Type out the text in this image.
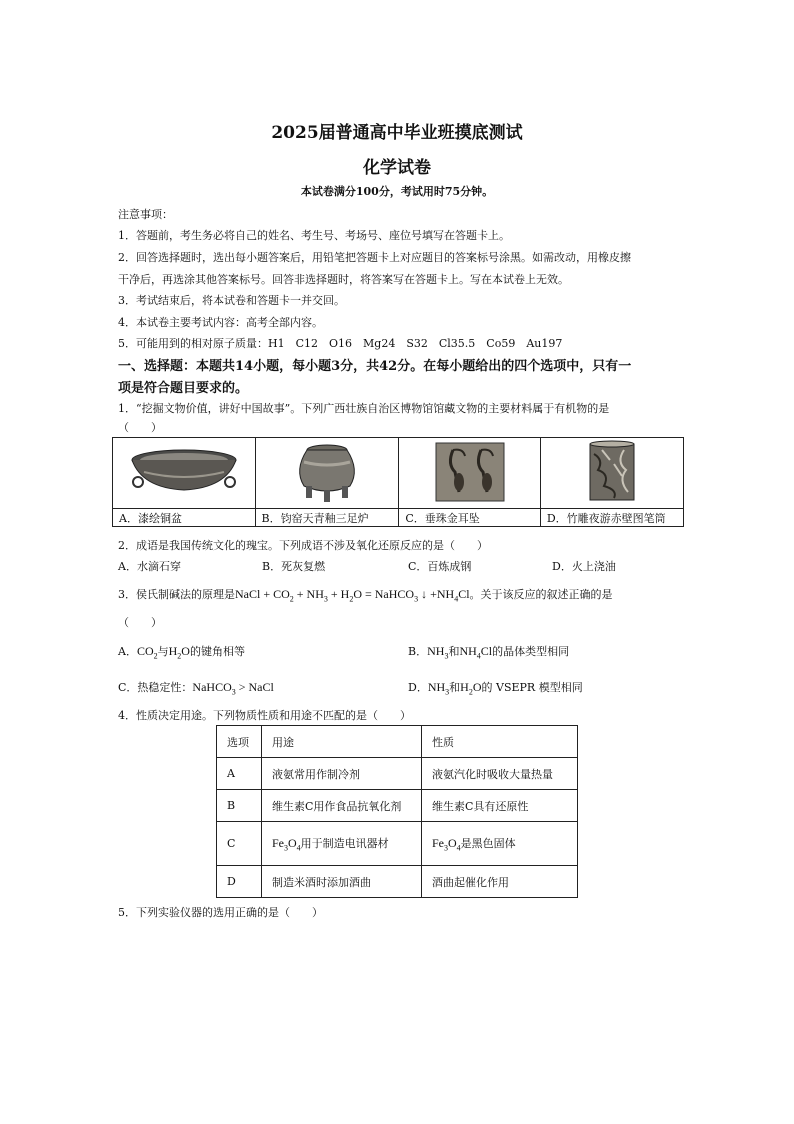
2025届普通高中毕业班摸底测试
化学试卷
本试卷满分100分，考试用时75分钟。
注意事项：
1．答题前，考生务必将自己的姓名、考生号、考场号、座位号填写在答题卡上。
2．回答选择题时，选出每小题答案后，用铅笔把答题卡上对应题目的答案标号涂黑。如需改动，用橡皮擦
干净后，再选涂其他答案标号。回答非选择题时，将答案写在答题卡上。写在本试卷上无效。
3．考试结束后，将本试卷和答题卡一并交回。
4．本试卷主要考试内容：高考全部内容。
5．可能用到的相对原子质量：H1　C12　O16　Mg24　S32　Cl35.5　Co59　Au197
一、选择题：本题共14小题，每小题3分，共42分。在每小题给出的四个选项中，只有一
项是符合题目要求的。
1．“挖掘文物价值，讲好中国故事”。下列广西壮族自治区博物馆馆藏文物的主要材料属于有机物的是
（　　）

A．漆绘铜盆	B．钧窑天青釉三足炉	C．垂珠金耳坠	D．竹雕夜游赤壁图笔筒
2．成语是我国传统文化的瑰宝。下列成语不涉及氧化还原反应的是（　　）
A．水滴石穿	B．死灰复燃	C．百炼成钢	D．火上浇油
3．侯氏制碱法的原理是NaCl + $CO_2 + NH_3 + H_2O$ = NaHCO$_3$ ↓ $+NH_4Cl$。关于该反应的叙述正确的是
（　　）
A．$CO_2$与$H_2O$的键角相等	B．$NH_3$和$NH_4Cl$的晶体类型相同
C．热稳定性：NaHCO$_3$ > NaCl	D．$NH_3$和$H_2O$的 VSEPR 模型相同
4．性质决定用途。下列物质性质和用途不匹配的是（　　）
选项	用途	性质
A	液氨常用作制冷剂	液氨汽化时吸收大量热量
B	维生素C用作食品抗氧化剂	维生素C具有还原性
C	$Fe_3O_4$用于制造电讯器材	$Fe_3O_4$是黑色固体
D	制造米酒时添加酒曲	酒曲起催化作用
5．下列实验仪器的选用正确的是（　　）
